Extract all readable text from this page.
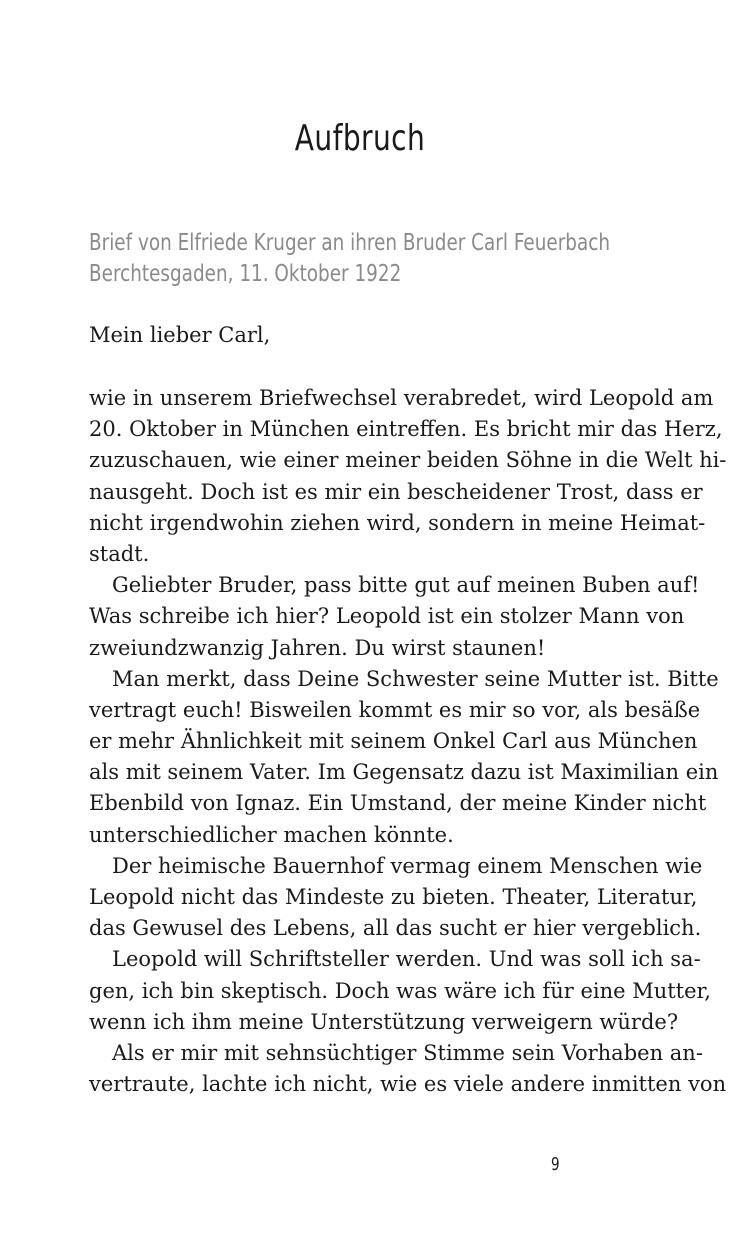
Aufbruch
Brief von Elfriede Kruger an ihren Bruder Carl Feuerbach
Berchtesgaden, 11. Oktober 1922
Mein lieber Carl,
wie in unserem Briefwechsel verabredet, wird Leopold am
20. Oktober in München eintreffen. Es bricht mir das Herz,
zuzuschauen, wie einer meiner beiden Söhne in die Welt hi-
nausgeht. Doch ist es mir ein bescheidener Trost, dass er
nicht irgendwohin ziehen wird, sondern in meine Heimat-
stadt.
Geliebter Bruder, pass bitte gut auf meinen Buben auf!
Was schreibe ich hier? Leopold ist ein stolzer Mann von
zweiundzwanzig Jahren. Du wirst staunen!
Man merkt, dass Deine Schwester seine Mutter ist. Bitte
vertragt euch! Bisweilen kommt es mir so vor, als besäße
er mehr Ähnlichkeit mit seinem Onkel Carl aus München
als mit seinem Vater. Im Gegensatz dazu ist Maximilian ein
Ebenbild von Ignaz. Ein Umstand, der meine Kinder nicht
unterschiedlicher machen könnte.
Der heimische Bauernhof vermag einem Menschen wie
Leopold nicht das Mindeste zu bieten. Theater, Literatur,
das Gewusel des Lebens, all das sucht er hier vergeblich.
Leopold will Schriftsteller werden. Und was soll ich sa-
gen, ich bin skeptisch. Doch was wäre ich für eine Mutter,
wenn ich ihm meine Unterstützung verweigern würde?
Als er mir mit sehnsüchtiger Stimme sein Vorhaben an-
vertraute, lachte ich nicht, wie es viele andere inmitten von
9
